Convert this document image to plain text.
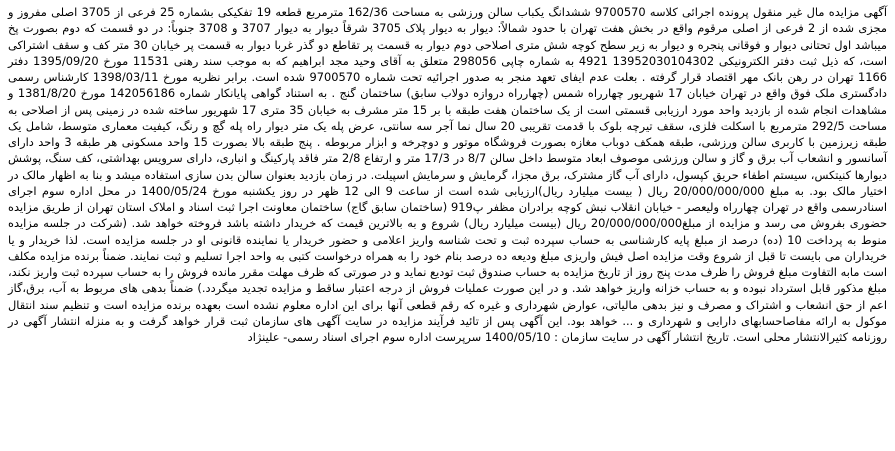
آگهی مزایده مال غیر منقول پرونده اجرائی کلاسه 9700570 ششدانگ یکباب سالن ورزشی به مساحت 162/36 مترمربع قطعه 19 تفکیکی بشماره 25 فرعی از 3705 اصلی مفروز و مجزی شده از 2 فرعی از اصلی مرقوم واقع در بخش هفت تهران با حدود شمالاً: دیوار به دیوار پلاک 3705 شرقاً دیوار به دیوار 3707 و 3708 جنوباً: در دو قسمت که دوم بصورت پخ میباشد اول تحتانی دیوار و فوقانی پنجره و دیوار به زیر سطح کوچه شش متری اصلاحی دوم دیوار به قسمت پر تقاطع دو گذر غربا دیوار به قسمت پر خیابان 30 متر کف و سقف اشتراکی است، که ذیل ثبت دفتر الکترونیکی 13952030104302 4921 به شماره چاپی 298056 متعلق به آقای وحید مجد ابراهیم که به موجب سند رهنی 11531 مورخ 1395/09/20 دفتر 1166 تهران در رهن بانک مهر اقتصاد قرار گرفته . بعلت عدم ایفای تعهد منجر به صدور اجرائیه تحت شماره 9700570 شده است. برابر نظریه مورخ 1398/03/11 کارشناس رسمی دادگستری ملک فوق واقع در تهران خیابان 17 شهریور چهارراه شمس (چهارراه دروازه دولاب سابق) ساختمان گنج . به استناد گواهی پایانکار شماره 142056186 مورخ 1381/8/20 و مشاهدات انجام شده از بازدید واحد مورد ارزیابی قسمتی است از یک ساختمان هفت طبقه با بر 15 متر مشرف به خیابان 35 متری 17 شهریور ساخته شده در زمینی پس از اصلاحی به مساحت 292/5 مترمربع با اسکلت فلزی، سقف تیرچه بلوک با قدمت تقریبی 20 سال نما آجر سه سانتی، عرض پله یک متر دیوار راه پله گچ و رنگ، کیفیت معماری متوسط، شامل یک طبقه زیرزمین با کاربری سالن ورزشی، طبقه همکف دوباب مغازه بصورت فروشگاه موتور و دوچرخه و ابزار مربوطه . پنج طبقه بالا بصورت 15 واحد مسکونی هر طبقه 3 واحد دارای آسانسور و انشعاب آب برق و گاز و سالن ورزشی موصوف ابعاد متوسط داخل سالن 8/7 در 17/3 متر و ارتفاع 2/8 متر فاقد پارکینگ و انباری، دارای سرویس بهداشتی، کف سنگ، پوشش دیوارها کنیتکس، سیستم اطفاء حریق کپسول، دارای آب گاز مشترک، برق مجزا، گرمایش و سرمایش اسپیلت. در زمان بازدید بعنوان سالن بدن سازی استفاده میشد و بنا به اظهار مالک در اختیار مالک بود. به مبلغ 20/000/000/000 ریال ( بیست میلیارد ریال)ارزیابی شده است از ساعت 9 الی 12 ظهر در روز یکشنبه مورخ 1400/05/24 در محل اداره سوم اجرای اسنادرسمی واقع در تهران چهارراه ولیعصر - خیابان انقلاب نبش کوچه برادران مظفر پ919 (ساختمان سابق گاج) ساختمان معاونت اجرا ثبت اسناد و املاک استان تهران از طریق مزایده حضوری بفروش می رسد و مزایده از مبلغ20/000/000/000 ریال (بیست میلیارد ریال) شروع و به بالاترین قیمت که خریدار داشته باشد فروخته خواهد شد. (شرکت در جلسه مزایده منوط به پرداخت 10 (ده) درصد از مبلغ پایه کارشناسی به حساب سپرده ثبت و تحت شناسه واریز اعلامی و حضور خریدار یا نماینده قانونی او در جلسه مزایده است. لذا خریدار و یا خریداران می بایست تا قبل از شروع وقت مزایده اصل فیش واریزی مبلغ ودیعه ده درصد بنام خود را به همراه درخواست کتبی به واحد اجرا تسلیم و ثبت نمایند. ضمناً برنده مزایده مکلف است مابه التفاوت مبلغ فروش را ظرف مدت پنج روز از تاریخ مزایده به حساب صندوق ثبت تودیع نماید و در صورتی که ظرف مهلت مقرر مانده فروش را به حساب سپرده ثبت واریز نکند، مبلغ مذکور قابل استرداد نبوده و به حساب خزانه واریز خواهد شد. و در این صورت عملیات فروش از درجه اعتبار ساقط و مزایده تجدید میگردد.) ضمناً بدهی های مربوط به آب، برق،گاز اعم از حق انشعاب و اشتراک و مصرف و نیز بدهی مالیاتی، عوارض شهرداری و غیره که رقم قطعی آنها برای این اداره معلوم نشده است بعهده برنده مزایده است و تنظیم سند انتقال موکول به ارائه مفاصاحسابهای دارایی و شهرداری و ... خواهد بود. این آگهی پس از تائید فرآیند مزایده در سایت آگهی های سازمان ثبت قرار خواهد گرفت و به منزله انتشار آگهی در روزنامه کثیرالانتشار محلی است. تاریخ انتشار آگهی در سایت سازمان : 1400/05/10 سرپرست اداره سوم اجرای اسناد رسمی- علینژاد
